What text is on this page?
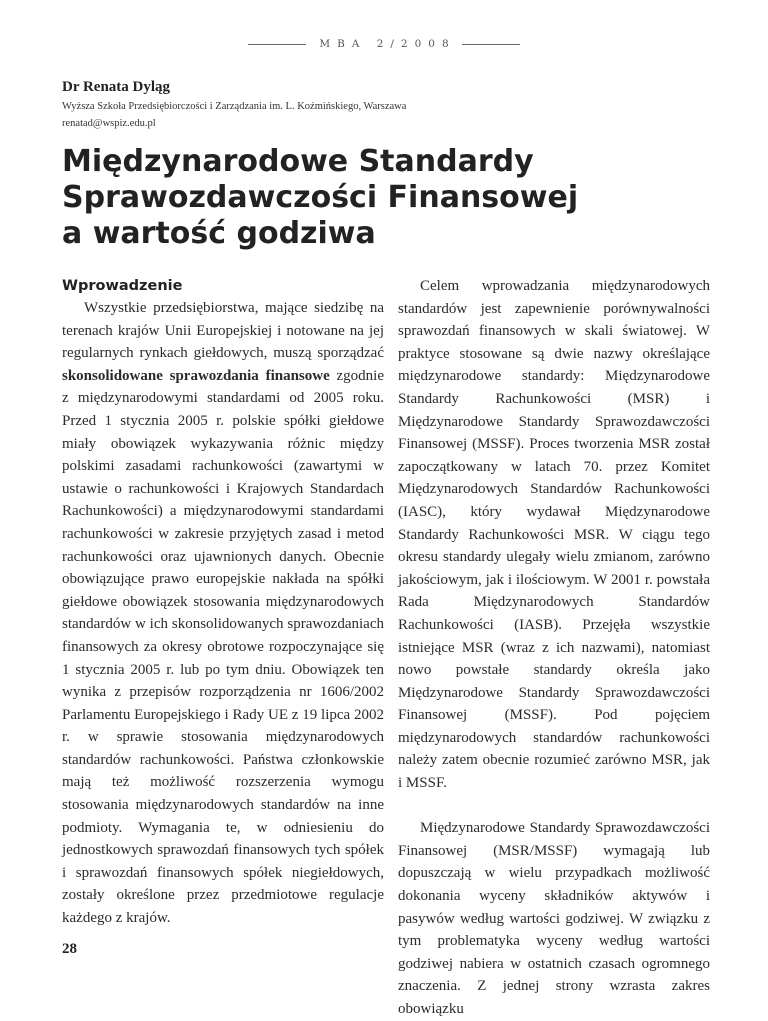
MBA 2/2008
Dr Renata Dyląg
Wyższa Szkoła Przedsiębiorczości i Zarządzania im. L. Koźmińskiego, Warszawa
renatad@wspiz.edu.pl
Międzynarodowe Standardy
Sprawozdawczości Finansowej
a wartość godziwa
Wprowadzenie

Wszystkie przedsiębiorstwa, mające siedzibę na terenach krajów Unii Europejskiej i notowane na jej regularnych rynkach giełdowych, muszą sporządzać skonsolidowane sprawozdania finansowe zgodnie z międzynarodowymi standardami od 2005 roku. Przed 1 stycznia 2005 r. polskie spółki giełdowe miały obowiązek wykazywania różnic między polskimi zasadami rachunkowości (zawartymi w ustawie o rachunkowości i Krajowych Standardach Rachunkowości) a międzynarodowymi standardami rachunkowości w zakresie przyjętych zasad i metod rachunkowości oraz ujawnionych danych. Obecnie obowiązujące prawo europejskie nakłada na spółki giełdowe obowiązek stosowania międzynarodowych standardów w ich skonsolidowanych sprawozdaniach finansowych za okresy obrotowe rozpoczynające się 1 stycznia 2005 r. lub po tym dniu. Obowiązek ten wynika z przepisów rozporządzenia nr 1606/2002 Parlamentu Europejskiego i Rady UE z 19 lipca 2002 r. w sprawie stosowania międzynarodowych standardów rachunkowości. Państwa członkowskie mają też możliwość rozszerzenia wymogu stosowania międzynarodowych standardów na inne podmioty. Wymagania te, w odniesieniu do jednostkowych sprawozdań finansowych tych spółek i sprawozdań finansowych spółek niegiełdowych, zostały określone przez przedmiotowe regulacje każdego z krajów.

Celem wprowadzania międzynarodowych standardów jest zapewnienie porównywalności sprawozdań finansowych w skali światowej. W praktyce stosowane są dwie nazwy określające międzynarodowe standardy: Międzynarodowe Standardy Rachunkowości (MSR) i Międzynarodowe Standardy Sprawozdawczości Finansowej (MSSF). Proces tworzenia MSR został zapoczątkowany w latach 70. przez Komitet Międzynarodowych Standardów Rachunkowości (IASC), który wydawał Międzynarodowe Standardy Rachunkowości MSR. W ciągu tego okresu standardy ulegały wielu zmianom, zarówno jakościowym, jak i ilościowym. W 2001 r. powstała Rada Międzynarodowych Standardów Rachunkowości (IASB). Przejęła wszystkie istniejące MSR (wraz z ich nazwami), natomiast nowo powstałe standardy określa jako Międzynarodowe Standardy Sprawozdawczości Finansowej (MSSF). Pod pojęciem międzynarodowych standardów rachunkowości należy zatem obecnie rozumieć zarówno MSR, jak i MSSF.

Międzynarodowe Standardy Sprawozdawczości Finansowej (MSR/MSSF) wymagają lub dopuszczają w wielu przypadkach możliwość dokonania wyceny składników aktywów i pasywów według wartości godziwej. W związku z tym problematyka wyceny według wartości godziwej nabiera w ostatnich czasach ogromnego znaczenia. Z jednej strony wzrasta zakres obowiązku

28
